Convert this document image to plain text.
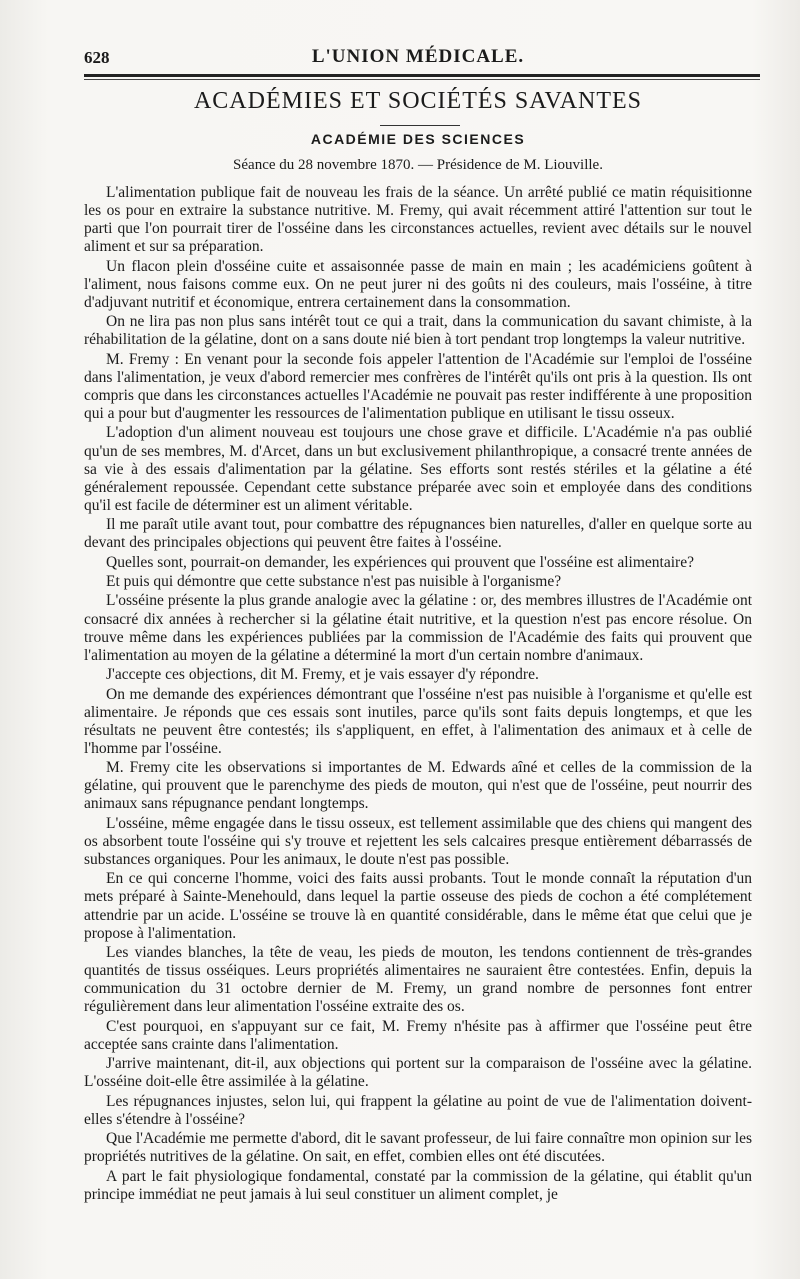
628	L'UNION MÉDICALE.
ACADÉMIES ET SOCIÉTÉS SAVANTES
ACADÉMIE DES SCIENCES
Séance du 28 novembre 1870. — Présidence de M. Liouville.

L'alimentation publique fait de nouveau les frais de la séance. Un arrêté publié ce matin réquisitionne les os pour en extraire la substance nutritive. M. Fremy, qui avait récemment attiré l'attention sur tout le parti que l'on pourrait tirer de l'osséine dans les circonstances actuelles, revient avec détails sur le nouvel aliment et sur sa préparation.

Un flacon plein d'osséine cuite et assaisonnée passe de main en main ; les académiciens goûtent à l'aliment, nous faisons comme eux. On ne peut jurer ni des goûts ni des couleurs, mais l'osséine, à titre d'adjuvant nutritif et économique, entrera certainement dans la consommation.

On ne lira pas non plus sans intérêt tout ce qui a trait, dans la communication du savant chimiste, à la réhabilitation de la gélatine, dont on a sans doute nié bien à tort pendant trop longtemps la valeur nutritive.

M. Fremy : En venant pour la seconde fois appeler l'attention de l'Académie sur l'emploi de l'osséine dans l'alimentation, je veux d'abord remercier mes confrères de l'intérêt qu'ils ont pris à la question. Ils ont compris que dans les circonstances actuelles l'Académie ne pouvait pas rester indifférente à une proposition qui a pour but d'augmenter les ressources de l'alimentation publique en utilisant le tissu osseux.

L'adoption d'un aliment nouveau est toujours une chose grave et difficile. L'Académie n'a pas oublié qu'un de ses membres, M. d'Arcet, dans un but exclusivement philanthropique, a consacré trente années de sa vie à des essais d'alimentation par la gélatine. Ses efforts sont restés stériles et la gélatine a été généralement repoussée. Cependant cette substance préparée avec soin et employée dans des conditions qu'il est facile de déterminer est un aliment véritable.

Il me paraît utile avant tout, pour combattre des répugnances bien naturelles, d'aller en quelque sorte au devant des principales objections qui peuvent être faites à l'osséine.

Quelles sont, pourrait-on demander, les expériences qui prouvent que l'osséine est alimentaire?

Et puis qui démontre que cette substance n'est pas nuisible à l'organisme?

L'osséine présente la plus grande analogie avec la gélatine : or, des membres illustres de l'Académie ont consacré dix années à rechercher si la gélatine était nutritive, et la question n'est pas encore résolue. On trouve même dans les expériences publiées par la commission de l'Académie des faits qui prouvent que l'alimentation au moyen de la gélatine a déterminé la mort d'un certain nombre d'animaux.

J'accepte ces objections, dit M. Fremy, et je vais essayer d'y répondre.

On me demande des expériences démontrant que l'osséine n'est pas nuisible à l'organisme et qu'elle est alimentaire. Je réponds que ces essais sont inutiles, parce qu'ils sont faits depuis longtemps, et que les résultats ne peuvent être contestés; ils s'appliquent, en effet, à l'alimentation des animaux et à celle de l'homme par l'osséine.

M. Fremy cite les observations si importantes de M. Edwards aîné et celles de la commission de la gélatine, qui prouvent que le parenchyme des pieds de mouton, qui n'est que de l'osséine, peut nourrir des animaux sans répugnance pendant longtemps.

L'osséine, même engagée dans le tissu osseux, est tellement assimilable que des chiens qui mangent des os absorbent toute l'osséine qui s'y trouve et rejettent les sels calcaires presque entièrement débarrassés de substances organiques. Pour les animaux, le doute n'est pas possible.

En ce qui concerne l'homme, voici des faits aussi probants. Tout le monde connaît la réputation d'un mets préparé à Sainte-Menehould, dans lequel la partie osseuse des pieds de cochon a été complétement attendrie par un acide. L'osséine se trouve là en quantité considérable, dans le même état que celui que je propose à l'alimentation.

Les viandes blanches, la tête de veau, les pieds de mouton, les tendons contiennent de très-grandes quantités de tissus osséiques. Leurs propriétés alimentaires ne sauraient être contestées. Enfin, depuis la communication du 31 octobre dernier de M. Fremy, un grand nombre de personnes font entrer régulièrement dans leur alimentation l'osséine extraite des os.

C'est pourquoi, en s'appuyant sur ce fait, M. Fremy n'hésite pas à affirmer que l'osséine peut être acceptée sans crainte dans l'alimentation.

J'arrive maintenant, dit-il, aux objections qui portent sur la comparaison de l'osséine avec la gélatine. L'osséine doit-elle être assimilée à la gélatine.

Les répugnances injustes, selon lui, qui frappent la gélatine au point de vue de l'alimentation doivent-elles s'étendre à l'osséine?

Que l'Académie me permette d'abord, dit le savant professeur, de lui faire connaître mon opinion sur les propriétés nutritives de la gélatine. On sait, en effet, combien elles ont été discutées.

A part le fait physiologique fondamental, constaté par la commission de la gélatine, qui établit qu'un principe immédiat ne peut jamais à lui seul constituer un aliment complet, je
